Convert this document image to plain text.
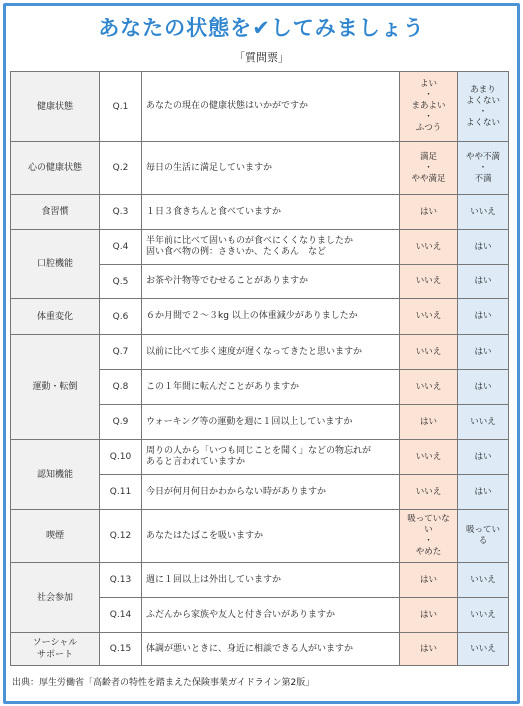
あなたの状態を✔してみましょう
「質問票」
健康状態	Q.1	あなたの現在の健康状態はいかがですか	よい
・
まあよい
・
ふつう	あまり
よくない
・
よくない

心の健康状態	Q.2	毎日の生活に満足していますか	満足
・
やや満足	やや不満
・
不満

食習慣	Q.3	１日３食きちんと食べていますか	はい	いいえ

口腔機能	Q.4	半年前に比べて固いものが食べにくくなりましたか
固い食べ物の例：さきいか、たくあん　など	いいえ	はい

	Q.5	お茶や汁物等でむせることがありますか	いいえ	はい

体重変化	Q.6	６か月間で２～３kg 以上の体重減少がありましたか	いいえ	はい

運動・転倒	Q.7	以前に比べて歩く速度が遅くなってきたと思いますか	いいえ	はい

	Q.8	この１年間に転んだことがありますか	いいえ	はい

	Q.9	ウォーキング等の運動を週に１回以上していますか	はい	いいえ

認知機能	Q.10	周りの人から「いつも同じことを聞く」などの物忘れが
あると言われていますか	いいえ	はい

	Q.11	今日が何月何日かわからない時がありますか	いいえ	はい

喫煙	Q.12	あなたはたばこを吸いますか	吸っていない
・
やめた	吸っている

社会参加	Q.13	週に１回以上は外出していますか	はい	いいえ

	Q.14	ふだんから家族や友人と付き合いがありますか	はい	いいえ

ソーシャル
サポート	Q.15	体調が悪いときに、身近に相談できる人がいますか	はい	いいえ
出典：厚生労働省「高齢者の特性を踏まえた保険事業ガイドライン第2版」
